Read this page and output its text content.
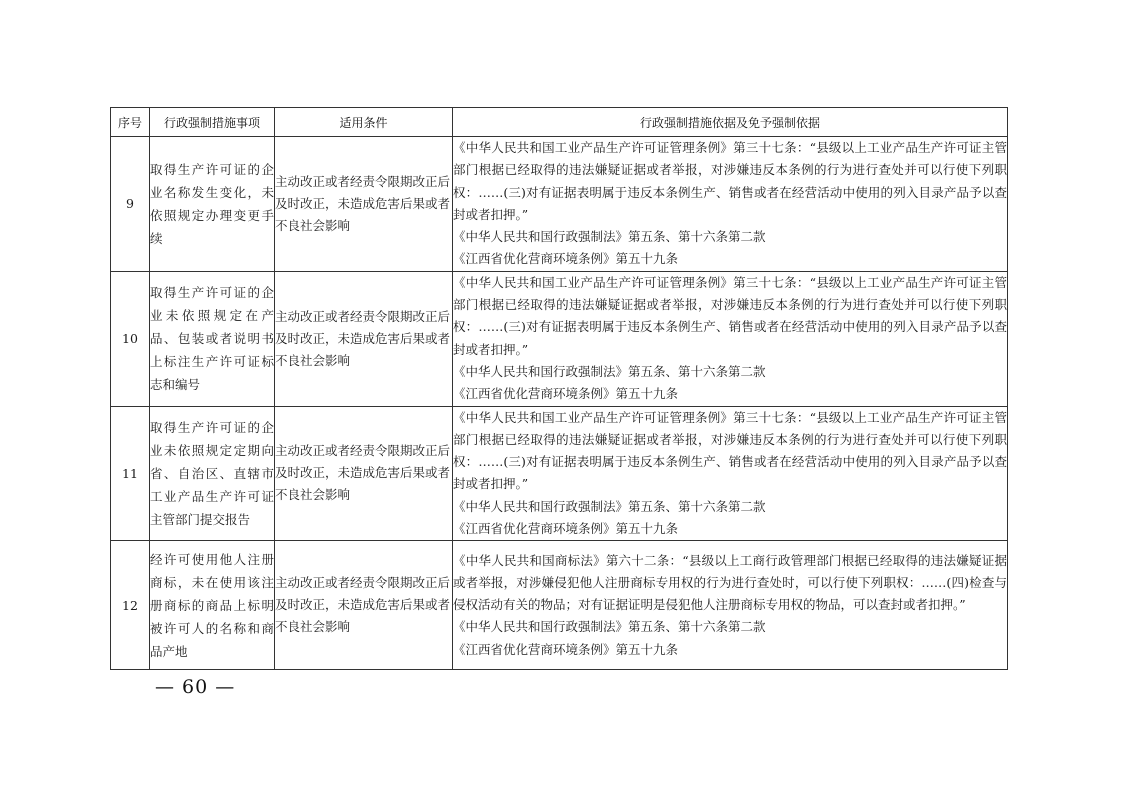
序号	行政强制措施事项	适用条件	行政强制措施依据及免予强制依据
9	取得生产许可证的企业名称发生变化，未依照规定办理变更手续	主动改正或者经责令限期改正后及时改正，未造成危害后果或者不良社会影响	《中华人民共和国工业产品生产许可证管理条例》第三十七条：“县级以上工业产品生产许可证主管部门根据已经取得的违法嫌疑证据或者举报，对涉嫌违反本条例的行为进行查处并可以行使下列职权：……(三)对有证据表明属于违反本条例生产、销售或者在经营活动中使用的列入目录产品予以查封或者扣押。”

《中华人民共和国行政强制法》第五条、第十六条第二款

《江西省优化营商环境条例》第五十九条

10	取得生产许可证的企业未依照规定在产品、包装或者说明书上标注生产许可证标志和编号	主动改正或者经责令限期改正后及时改正，未造成危害后果或者不良社会影响	《中华人民共和国工业产品生产许可证管理条例》第三十七条：“县级以上工业产品生产许可证主管部门根据已经取得的违法嫌疑证据或者举报，对涉嫌违反本条例的行为进行查处并可以行使下列职权：……(三)对有证据表明属于违反本条例生产、销售或者在经营活动中使用的列入目录产品予以查封或者扣押。”

《中华人民共和国行政强制法》第五条、第十六条第二款

《江西省优化营商环境条例》第五十九条

11	取得生产许可证的企业未依照规定定期向省、自治区、直辖市工业产品生产许可证主管部门提交报告	主动改正或者经责令限期改正后及时改正，未造成危害后果或者不良社会影响	《中华人民共和国工业产品生产许可证管理条例》第三十七条：“县级以上工业产品生产许可证主管部门根据已经取得的违法嫌疑证据或者举报，对涉嫌违反本条例的行为进行查处并可以行使下列职权：……(三)对有证据表明属于违反本条例生产、销售或者在经营活动中使用的列入目录产品予以查封或者扣押。”

《中华人民共和国行政强制法》第五条、第十六条第二款

《江西省优化营商环境条例》第五十九条

12	经许可使用他人注册商标，未在使用该注册商标的商品上标明被许可人的名称和商品产地	主动改正或者经责令限期改正后及时改正，未造成危害后果或者不良社会影响	《中华人民共和国商标法》第六十二条：“县级以上工商行政管理部门根据已经取得的违法嫌疑证据或者举报，对涉嫌侵犯他人注册商标专用权的行为进行查处时，可以行使下列职权：……(四)检查与侵权活动有关的物品；对有证据证明是侵犯他人注册商标专用权的物品，可以查封或者扣押。”

《中华人民共和国行政强制法》第五条、第十六条第二款

《江西省优化营商环境条例》第五十九条

— 60 —
